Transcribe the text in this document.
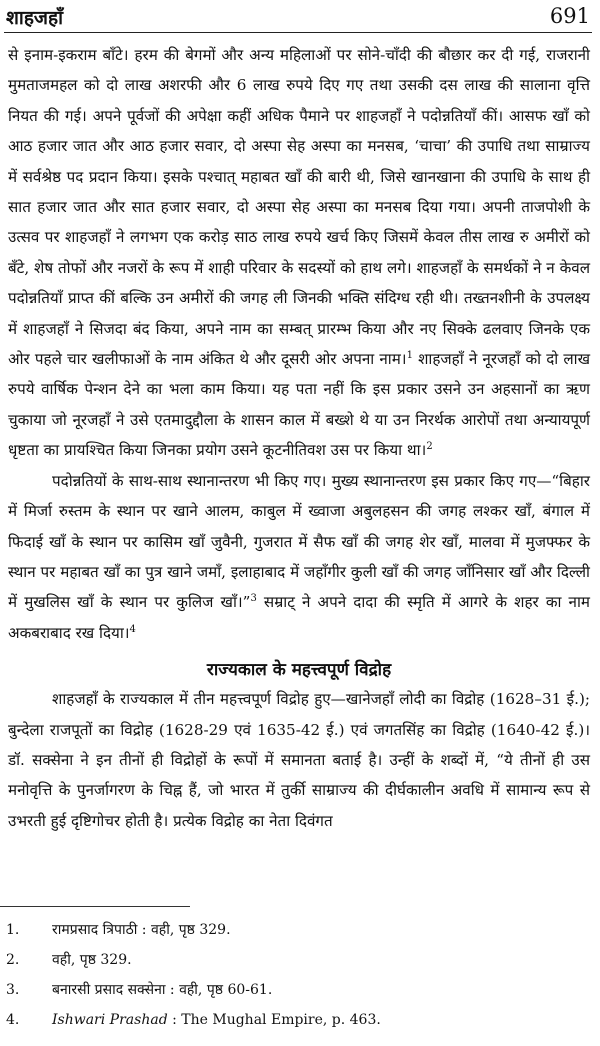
शाहजहाँ	691

से इनाम-इकराम बाँटे। हरम की बेगमों और अन्य महिलाओं पर सोने-चाँदी की बौछार कर दी गई, राजरानी मुमताजमहल को दो लाख अशरफी और 6 लाख रुपये दिए गए तथा उसकी दस लाख की सालाना वृत्ति नियत की गई। अपने पूर्वजों की अपेक्षा कहीं अधिक पैमाने पर शाहजहाँ ने पदोन्नतियाँ कीं। आसफ खाँ को आठ हजार जात और आठ हजार सवार, दो अस्पा सेह अस्पा का मनसब, ‘चाचा’ की उपाधि तथा साम्राज्य में सर्वश्रेष्ठ पद प्रदान किया। इसके पश्चात् महाबत खाँ की बारी थी, जिसे खानखाना की उपाधि के साथ ही सात हजार जात और सात हजार सवार, दो अस्पा सेह अस्पा का मनसब दिया गया। अपनी ताजपोशी के उत्सव पर शाहजहाँ ने लगभग एक करोड़ साठ लाख रुपये खर्च किए जिसमें केवल तीस लाख रु अमीरों को बँटे, शेष तोफों और नजरों के रूप में शाही परिवार के सदस्यों को हाथ लगे। शाहजहाँ के समर्थकों ने न केवल पदोन्नतियाँ प्राप्त कीं बल्कि उन अमीरों की जगह ली जिनकी भक्ति संदिग्ध रही थी। तख्तनशीनी के उपलक्ष्य में शाहजहाँ ने सिजदा बंद किया, अपने नाम का सम्बत् प्रारम्भ किया और नए सिक्के ढलवाए जिनके एक ओर पहले चार खलीफाओं के नाम अंकित थे और दूसरी ओर अपना नाम।$^1$ शाहजहाँ ने नूरजहाँ को दो लाख रुपये वार्षिक पेन्शन देने का भला काम किया। यह पता नहीं कि इस प्रकार उसने उन अहसानों का ऋण चुकाया जो नूरजहाँ ने उसे एतमादुद्दौला के शासन काल में बख्शे थे या उन निरर्थक आरोपों तथा अन्यायपूर्ण धृष्टता का प्रायश्चित किया जिनका प्रयोग उसने कूटनीतिवश उस पर किया था।$^2$

पदोन्नतियों के साथ-साथ स्थानान्तरण भी किए गए। मुख्य स्थानान्तरण इस प्रकार किए गए—“बिहार में मिर्जा रुस्तम के स्थान पर खाने आलम, काबुल में ख्वाजा अबुलहसन की जगह लश्कर खाँ, बंगाल में फिदाई खाँ के स्थान पर कासिम खाँ जुवैनी, गुजरात में सैफ खाँ की जगह शेर खाँ, मालवा में मुजफ्फर के स्थान पर महाबत खाँ का पुत्र खाने जमाँ, इलाहाबाद में जहाँगीर कुली खाँ की जगह जाँनिसार खाँ और दिल्ली में मुखलिस खाँ के स्थान पर कुलिज खाँ।”$^3$ सम्राट् ने अपने दादा की स्मृति में आगरे के शहर का नाम अकबराबाद रख दिया।$^4$

राज्यकाल के महत्त्वपूर्ण विद्रोह

शाहजहाँ के राज्यकाल में तीन महत्त्वपूर्ण विद्रोह हुए—खानेजहाँ लोदी का विद्रोह (1628–31 ई.); बुन्देला राजपूतों का विद्रोह (1628-29 एवं 1635-42 ई.) एवं जगतसिंह का विद्रोह (1640-42 ई.)। डॉ. सक्सेना ने इन तीनों ही विद्रोहों के रूपों में समानता बताई है। उन्हीं के शब्दों में, “ये तीनों ही उस मनोवृत्ति के पुनर्जागरण के चिह्न हैं, जो भारत में तुर्की साम्राज्य की दीर्घकालीन अवधि में सामान्य रूप से उभरती हुई दृष्टिगोचर होती है। प्रत्येक विद्रोह का नेता दिवंगत

1.	रामप्रसाद त्रिपाठी : वही, पृष्ठ 329.
2.	वही, पृष्ठ 329.
3.	बनारसी प्रसाद सक्सेना : वही, पृष्ठ 60-61.
4.	Ishwari Prashad : The Mughal Empire, p. 463.
